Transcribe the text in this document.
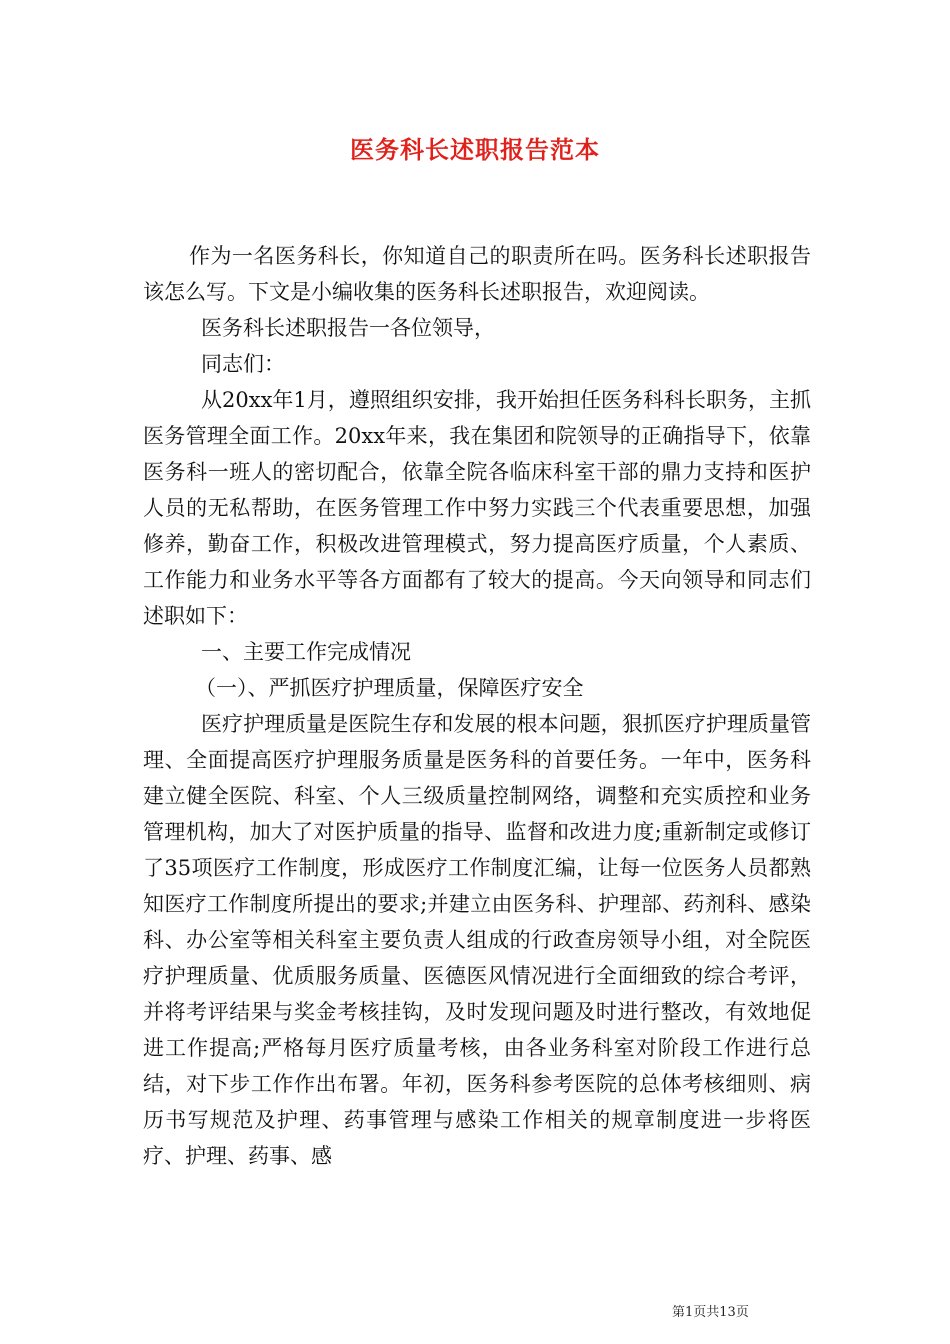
医务科长述职报告范本

作为一名医务科长，你知道自己的职责所在吗。医务科长述职报告该怎么写。下文是小编收集的医务科长述职报告，欢迎阅读。

医务科长述职报告一各位领导，

同志们：

从20xx年1月，遵照组织安排，我开始担任医务科科长职务，主抓医务管理全面工作。20xx年来，我在集团和院领导的正确指导下，依靠医务科一班人的密切配合，依靠全院各临床科室干部的鼎力支持和医护人员的无私帮助，在医务管理工作中努力实践三个代表重要思想，加强修养，勤奋工作，积极改进管理模式，努力提高医疗质量，个人素质、工作能力和业务水平等各方面都有了较大的提高。今天向领导和同志们述职如下：

一、主要工作完成情况

（一）、严抓医疗护理质量，保障医疗安全

医疗护理质量是医院生存和发展的根本问题，狠抓医疗护理质量管理、全面提高医疗护理服务质量是医务科的首要任务。一年中，医务科建立健全医院、科室、个人三级质量控制网络，调整和充实质控和业务管理机构，加大了对医护质量的指导、监督和改进力度;重新制定或修订了35项医疗工作制度，形成医疗工作制度汇编，让每一位医务人员都熟知医疗工作制度所提出的要求;并建立由医务科、护理部、药剂科、感染科、办公室等相关科室主要负责人组成的行政查房领导小组，对全院医疗护理质量、优质服务质量、医德医风情况进行全面细致的综合考评，并将考评结果与奖金考核挂钩，及时发现问题及时进行整改，有效地促进工作提高;严格每月医疗质量考核，由各业务科室对阶段工作进行总结，对下步工作作出布署。年初，医务科参考医院的总体考核细则、病历书写规范及护理、药事管理与感染工作相关的规章制度进一步将医疗、护理、药事、感

第1页共13页
